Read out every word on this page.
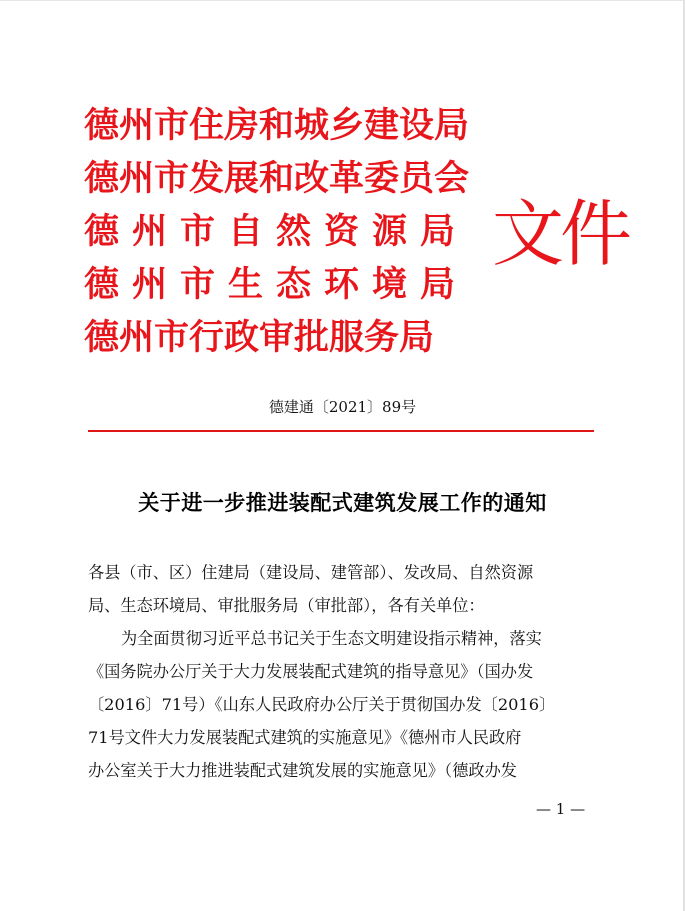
德州市住房和城乡建设局
德州市发展和改革委员会
德州市自然资源局
德州市生态环境局
德州市行政审批服务局
文件
德建通〔2021〕89号
关于进一步推进装配式建筑发展工作的通知
各县（市、区）住建局（建设局、建管部）、发改局、自然资源
局、生态环境局、审批服务局（审批部），各有关单位：
为全面贯彻习近平总书记关于生态文明建设指示精神，落实
《国务院办公厅关于大力发展装配式建筑的指导意见》（国办发
〔2016〕71号）《山东人民政府办公厅关于贯彻国办发〔2016〕
71号文件大力发展装配式建筑的实施意见》《德州市人民政府
办公室关于大力推进装配式建筑发展的实施意见》（德政办发
— 1 —
